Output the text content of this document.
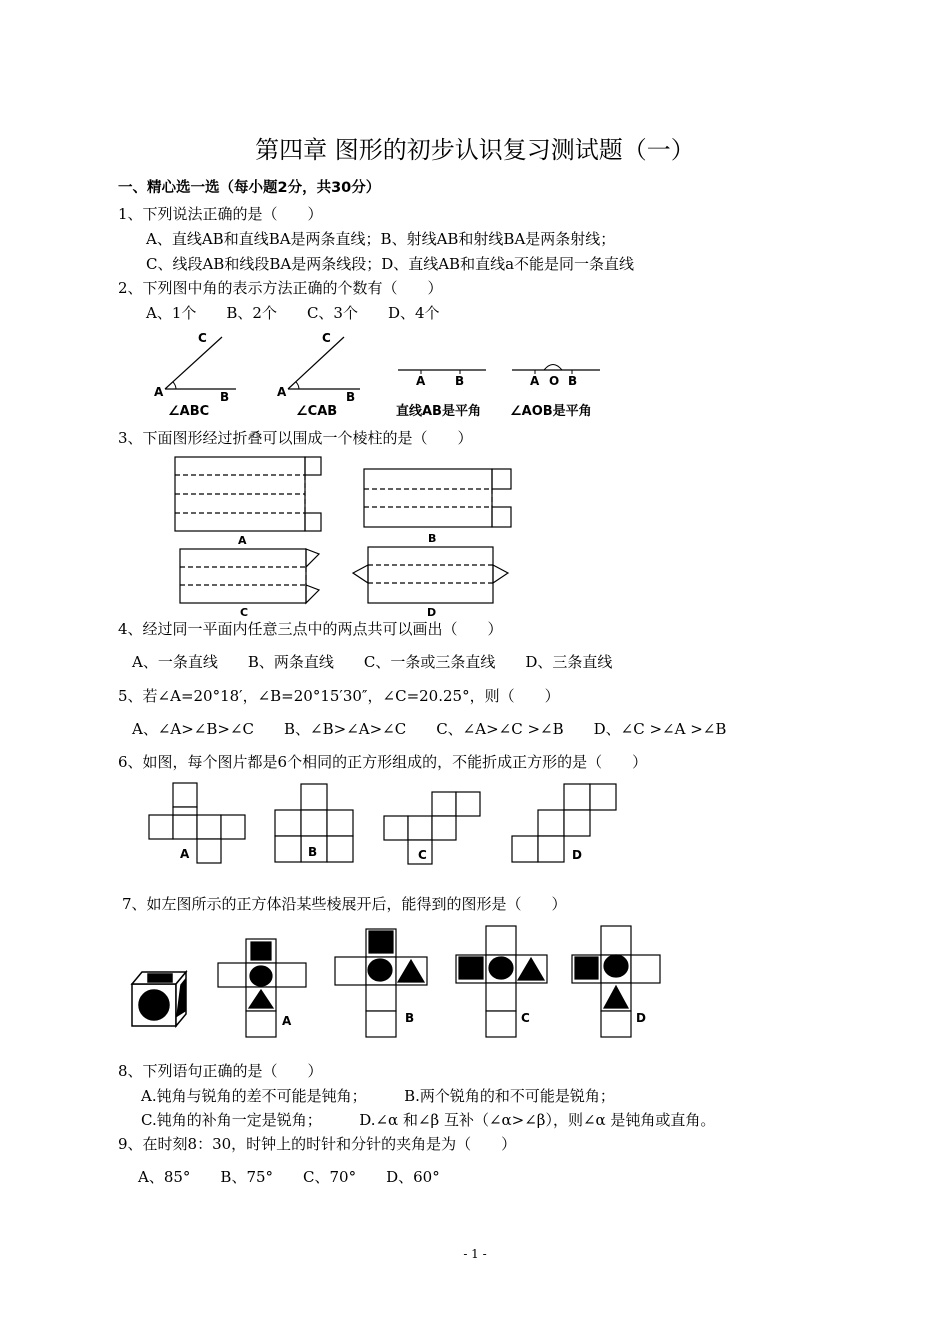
第四章 图形的初步认识复习测试题（一）
一、精心选一选（每小题2分，共30分）
1、下列说法正确的是（　　）
A、直线AB和直线BA是两条直线；B、射线AB和射线BA是两条射线；
C、线段AB和线段BA是两条线段；D、直线AB和直线a不能是同一条直线
2、下列图中角的表示方法正确的个数有（　　）
A、1个　　B、2个　　C、3个　　D、4个
A	B
C
∠ABC
A	B
C
∠CAB
A B
直线AB是平角
A O B
∠AOB是平角
3、下面图形经过折叠可以围成一个棱柱的是（　　）
A	B
C	D
4、经过同一平面内任意三点中的两点共可以画出（　　）
A、一条直线　　B、两条直线　　C、一条或三条直线　　D、三条直线
5、若∠A=20°18′，∠B=20°15′30″，∠C=20.25°，则（　　）
A、∠A>∠B>∠C　　B、∠B>∠A>∠C　　C、∠A>∠C >∠B　　D、∠C >∠A >∠B
6、如图，每个图片都是6个相同的正方形组成的，不能折成正方形的是（　　）
A	B	C	D
7、如左图所示的正方体沿某些棱展开后，能得到的图形是（　　）
A	B	C	D
8、下列语句正确的是（　　）
A.钝角与锐角的差不可能是钝角；　　　B.两个锐角的和不可能是锐角；
C.钝角的补角一定是锐角；　　　D.∠α 和∠β 互补（∠α>∠β），则∠α 是钝角或直角。
9、在时刻8：30，时钟上的时针和分针的夹角是为（　　）
A、85°　　B、75°　　C、70°　　D、60°
- 1 -
